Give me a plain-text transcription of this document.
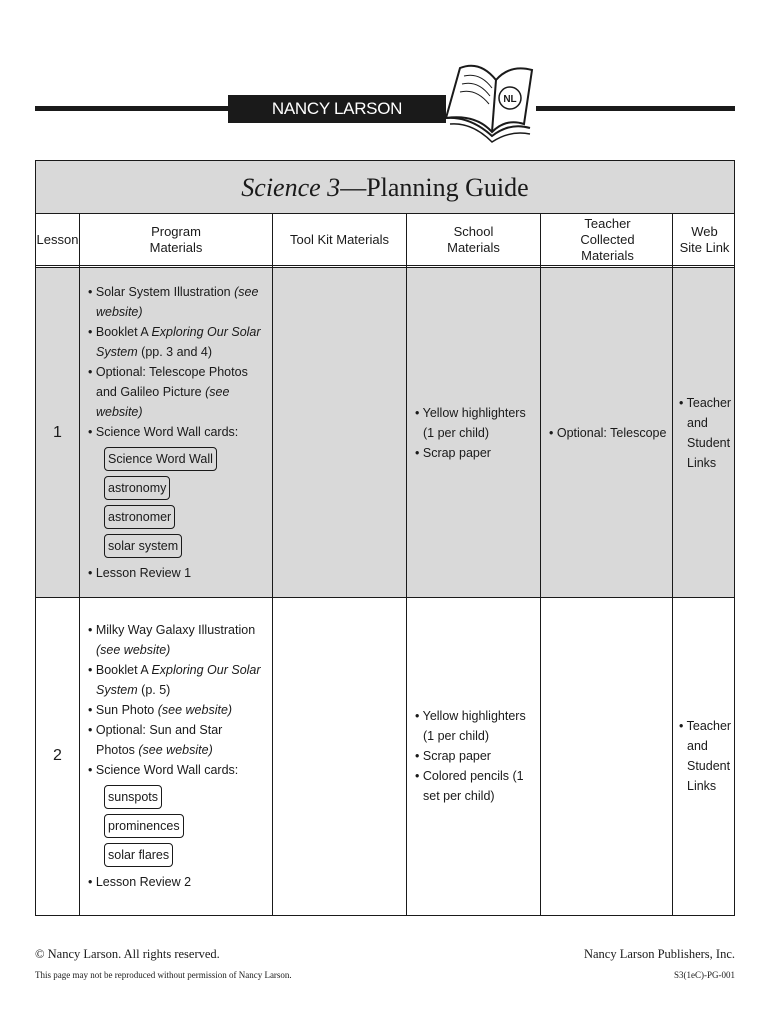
NANCY LARSON PUBLISHERS
NL
Science 3—Planning Guide
Lesson
Program Materials
Tool Kit Materials
School Materials
Teacher Collected Materials
Web Site Link
1
• Solar System Illustration (see website)
• Booklet A Exploring Our Solar System (pp. 3 and 4)
• Optional: Telescope Photos and Galileo Picture (see website)
• Science Word Wall cards:
Science Word Wall
astronomy
astronomer
solar system
• Lesson Review 1
• Yellow highlighters (1 per child)
• Scrap paper
• Optional: Telescope
• Teacher and Student Links
2
• Milky Way Galaxy Illustration (see website)
• Booklet A Exploring Our Solar System (p. 5)
• Sun Photo (see website)
• Optional: Sun and Star Photos (see website)
• Science Word Wall cards:
sunspots
prominences
solar flares
• Lesson Review 2
• Yellow highlighters (1 per child)
• Scrap paper
• Colored pencils (1 set per child)
• Teacher and Student Links
© Nancy Larson. All rights reserved.
This page may not be reproduced without permission of Nancy Larson.
Nancy Larson Publishers, Inc.
S3(1eC)-PG-001
